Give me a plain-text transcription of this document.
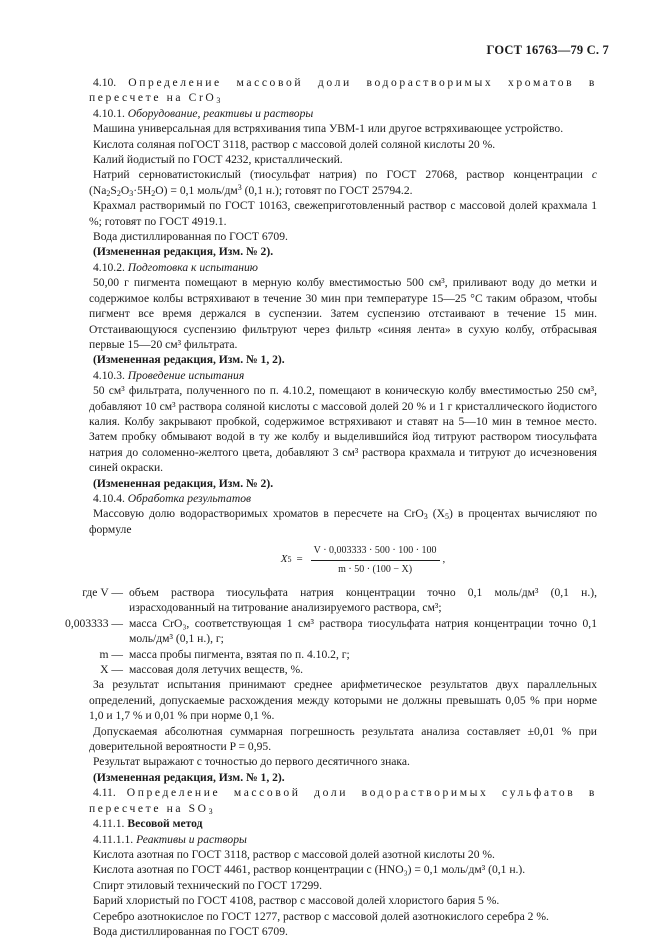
ГОСТ 16763—79 С. 7
4.10. Определение массовой доли водорастворимых хроматов в пересчете на CrO$_3$
4.10.1. Оборудование, реактивы и растворы
Машина универсальная для встряхивания типа УВМ-1 или другое встряхивающее устройство.
Кислота соляная поГОСТ 3118, раствор с массовой долей соляной кислоты 20 %.
Калий йодистый по ГОСТ 4232, кристаллический.
Натрий серноватистокислый (тиосульфат натрия) по ГОСТ 27068, раствор концентрации c $(Na_2S_2O_3\cdot 5H_2O) = 0,1$ моль/$дм^3$ (0,1 н.); готовят по ГОСТ 25794.2.
Крахмал растворимый по ГОСТ 10163, свежеприготовленный раствор с массовой долей крахмала 1 %; готовят по ГОСТ 4919.1.
Вода дистиллированная по ГОСТ 6709.
(Измененная редакция, Изм. № 2).
4.10.2. Подготовка к испытанию
50,00 г пигмента помещают в мерную колбу вместимостью 500 см³, приливают воду до метки и содержимое колбы встряхивают в течение 30 мин при температуре 15—25 °С таким образом, чтобы пигмент все время держался в суспензии. Затем суспензию отстаивают в течение 15 мин. Отстаивающуюся суспензию фильтруют через фильтр «синяя лента» в сухую колбу, отбрасывая первые 15—20 см³ фильтрата.
(Измененная редакция, Изм. № 1, 2).
4.10.3. Проведение испытания
50 см³ фильтрата, полученного по п. 4.10.2, помещают в коническую колбу вместимостью 250 см³, добавляют 10 см³ раствора соляной кислоты с массовой долей 20 % и 1 г кристаллического йодистого калия. Колбу закрывают пробкой, содержимое встряхивают и ставят на 5—10 мин в темное место. Затем пробку обмывают водой в ту же колбу и выделившийся йод титруют раствором тиосульфата натрия до соломенно-желтого цвета, добавляют 3 см³ раствора крахмала и титруют до исчезновения синей окраски.
(Измененная редакция, Изм. № 2).
4.10.4. Обработка результатов
Массовую долю водорастворимых хроматов в пересчете на CrO$_3$ $(X_5)$ в процентах вычисляют по формуле
X $5 = \frac{V \cdot 0,003333 \cdot 500 \cdot 100 \cdot 100}{m \cdot 50 \cdot (100 - X)}$ ,
где V — объем раствора тиосульфата натрия концентрации точно 0,1 моль/дм³ (0,1 н.), израсходованный на титрование анализируемого раствора, см³;
0,003333 — масса CrO₃, соответствующая 1 см³ раствора тиосульфата натрия концентрации точно 0,1 моль/дм³ (0,1 н.), г;
m — масса пробы пигмента, взятая по п. 4.10.2, г;
X — массовая доля летучих веществ, %.
За результат испытания принимают среднее арифметическое результатов двух параллельных определений, допускаемые расхождения между которыми не должны превышать 0,05 % при норме 1,0 и 1,7 % и 0,01 % при норме 0,1 %.
Допускаемая абсолютная суммарная погрешность результата анализа составляет ±0,01 % при доверительной вероятности P = 0,95.
Результат выражают с точностью до первого десятичного знака.
(Измененная редакция, Изм. № 1, 2).
4.11. Определение массовой доли водорастворимых сульфатов в пересчете на $SO_3$
4.11.1. Весовой метод
4.11.1.1. Реактивы и растворы
Кислота азотная по ГОСТ 3118, раствор с массовой долей азотной кислоты 20 %.
Кислота азотная по ГОСТ 4461, раствор концентрации c (HNO₃) = 0,1 моль/дм³ (0,1 н.).
Спирт этиловый технический по ГОСТ 17299.
Барий хлористый по ГОСТ 4108, раствор с массовой долей хлористого бария 5 %.
Серебро азотнокислое по ГОСТ 1277, раствор с массовой долей азотнокислого серебра 2 %.
Вода дистиллированная по ГОСТ 6709.
